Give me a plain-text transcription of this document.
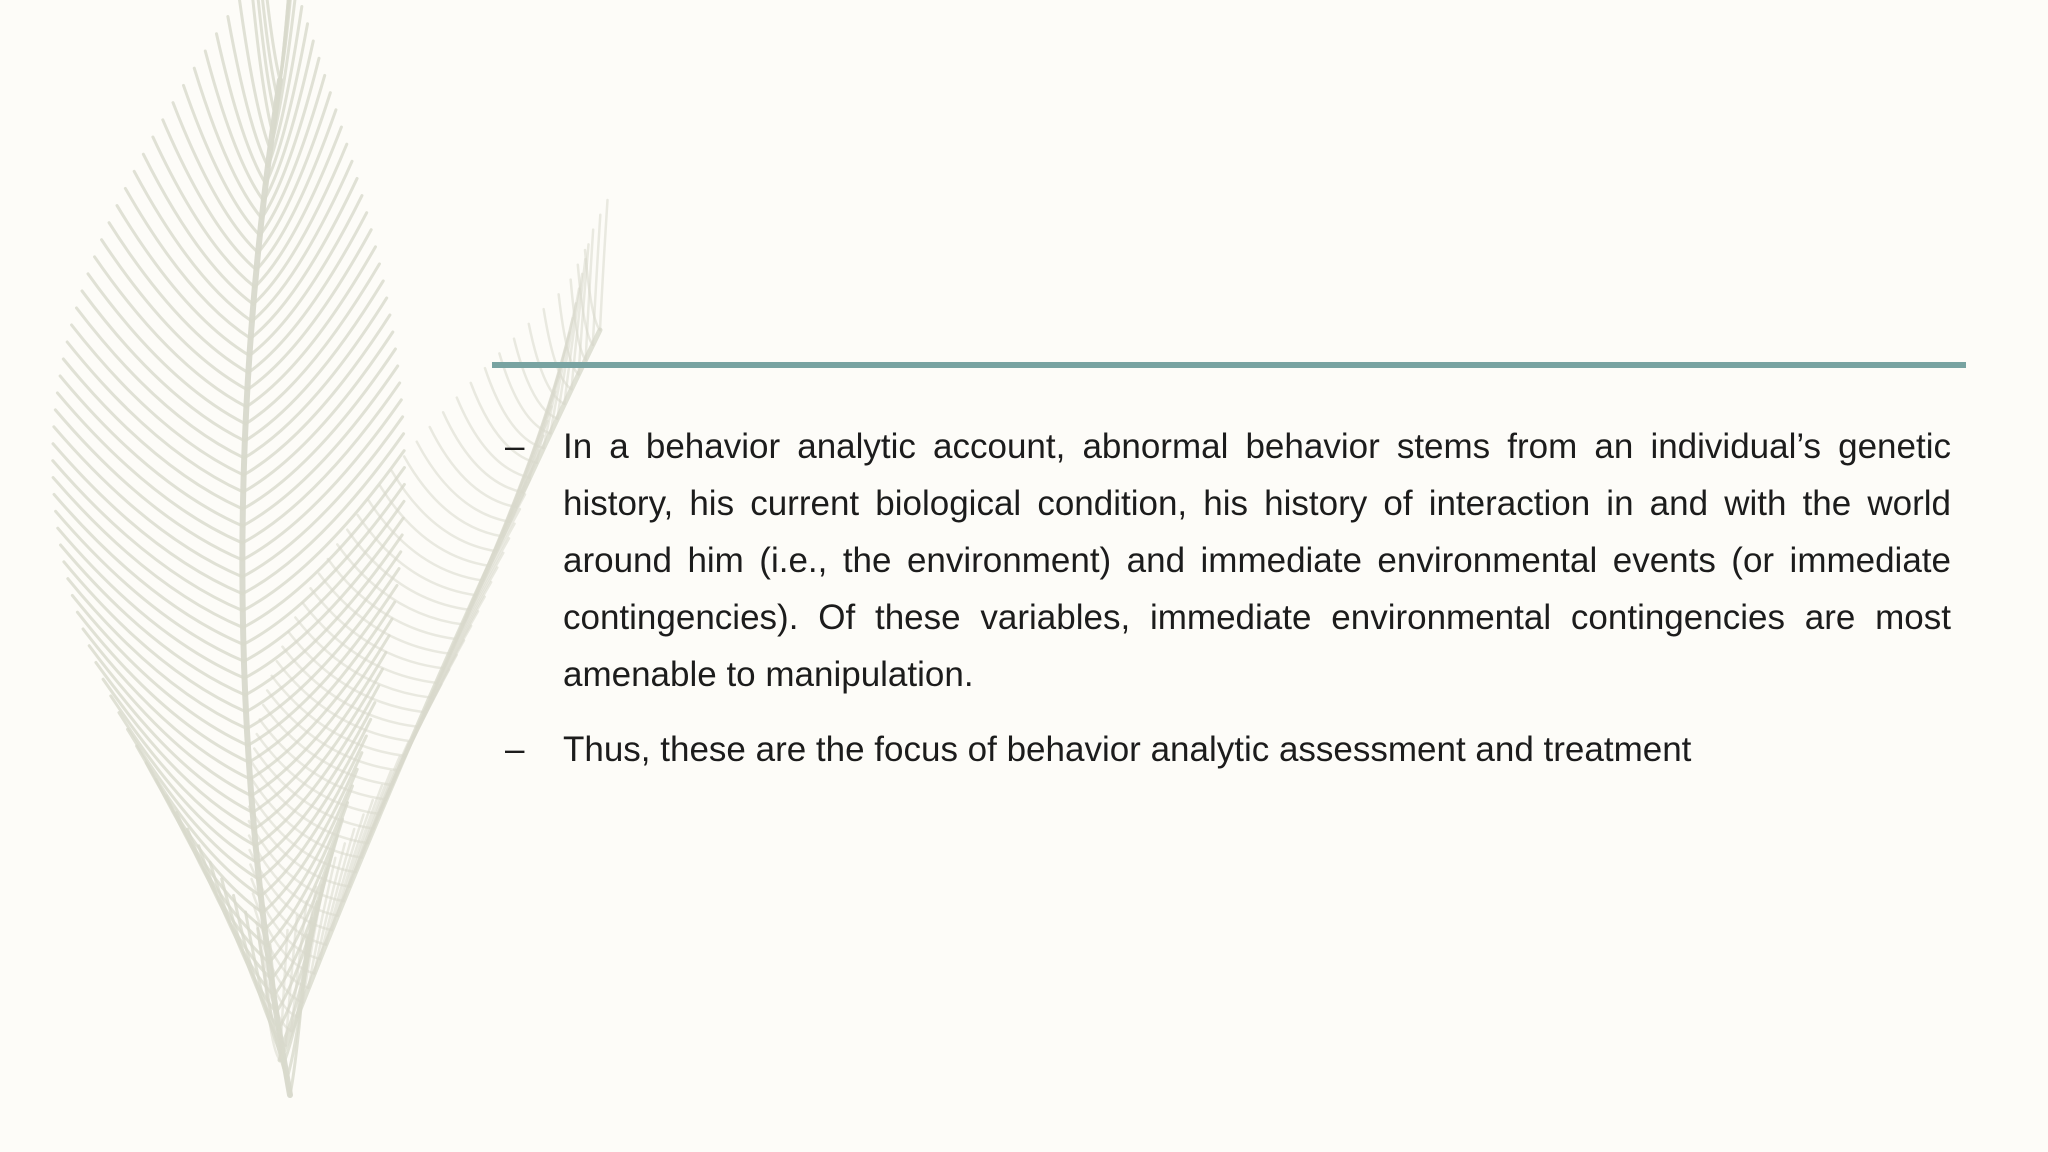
– In a behavior analytic account, abnormal behavior stems from an individual’s genetic history, his current biological condition, his history of interaction in and with the world around him (i.e., the environment) and immediate environmental events (or immediate contingencies). Of these variables, immediate environmental contingencies are most amenable to manipulation.
– Thus, these are the focus of behavior analytic assessment and treatment
